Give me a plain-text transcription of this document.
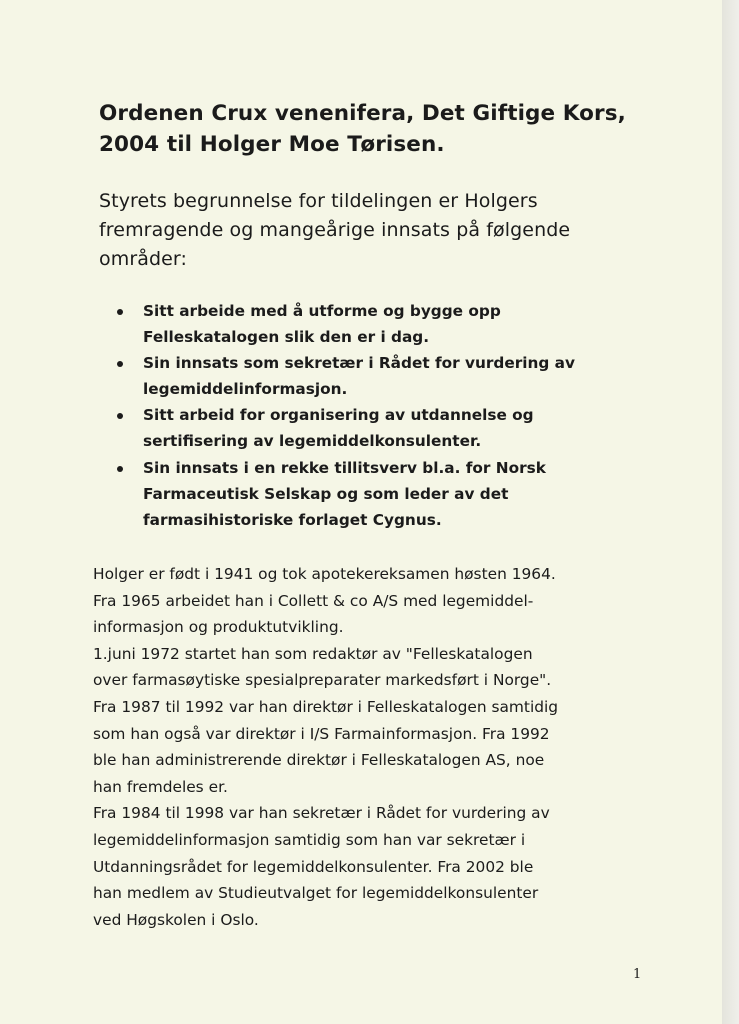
Ordenen Crux venenifera, Det Giftige Kors,
2004 til Holger Moe Tørisen.

Styrets begrunnelse for tildelingen er Holgers
fremragende og mangeårige innsats på følgende
områder:

Sitt arbeide med å utforme og bygge opp
Felleskatalogen slik den er i dag.
Sin innsats som sekretær i Rådet for vurdering av
legemiddelinformasjon.
Sitt arbeid for organisering av utdannelse og
sertifisering av legemiddelkonsulenter.
Sin innsats i en rekke tillitsverv bl.a. for Norsk
Farmaceutisk Selskap og som leder av det
farmasihistoriske forlaget Cygnus.

Holger er født i 1941 og tok apotekereksamen høsten 1964.
Fra 1965 arbeidet han i Collett & co A/S med legemiddel-
informasjon og produktutvikling.
1.juni 1972 startet han som redaktør av "Felleskatalogen
over farmasøytiske spesialpreparater markedsført i Norge".
Fra 1987 til 1992 var han direktør i Felleskatalogen samtidig
som han også var direktør i I/S Farmainformasjon. Fra 1992
ble han administrerende direktør i Felleskatalogen AS, noe
han fremdeles er.
Fra 1984 til 1998 var han sekretær i Rådet for vurdering av
legemiddelinformasjon samtidig som han var sekretær i
Utdanningsrådet for legemiddelkonsulenter. Fra 2002 ble
han medlem av Studieutvalget for legemiddelkonsulenter
ved Høgskolen i Oslo.

1
